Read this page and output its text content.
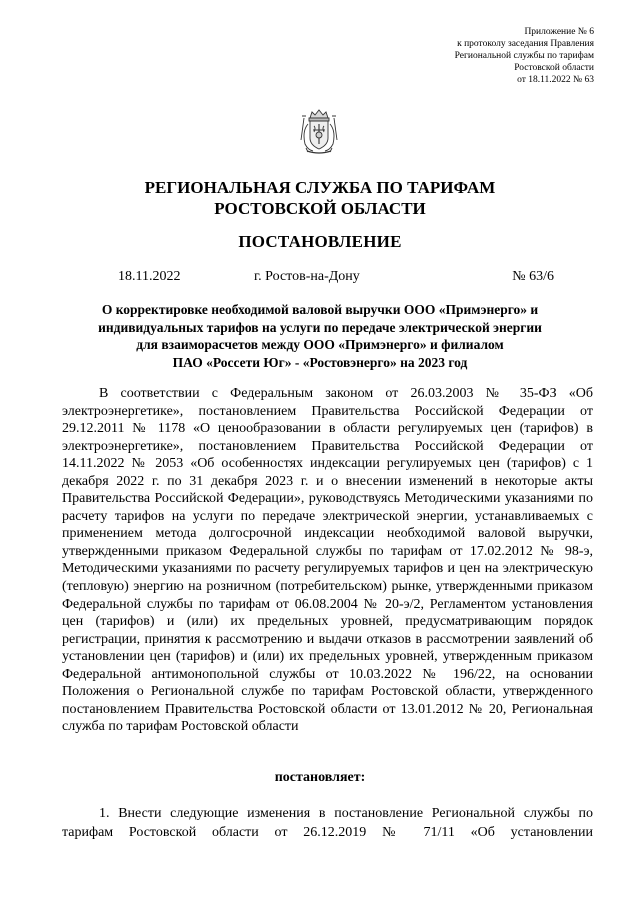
Приложение № 6
к протоколу заседания Правления
Региональной службы по тарифам
Ростовской области
от 18.11.2022 № 63
РЕГИОНАЛЬНАЯ СЛУЖБА ПО ТАРИФАМ
РОСТОВСКОЙ ОБЛАСТИ
ПОСТАНОВЛЕНИЕ
18.11.2022	г. Ростов-на-Дону	№ 63/6
О корректировке необходимой валовой выручки ООО «Примэнерго» и
индивидуальных тарифов на услуги по передаче электрической энергии
для взаиморасчетов между ООО «Примэнерго» и филиалом
ПАО «Россети Юг» - «Ростовэнерго» на 2023 год

В соответствии с Федеральным законом от 26.03.2003 № 35-ФЗ «Об электроэнергетике», постановлением Правительства Российской Федерации от 29.12.2011 № 1178 «О ценообразовании в области регулируемых цен (тарифов) в электроэнергетике», постановлением Правительства Российской Федерации от 14.11.2022 № 2053 «Об особенностях индексации регулируемых цен (тарифов) с 1 декабря 2022 г. по 31 декабря 2023 г. и о внесении изменений в некоторые акты Правительства Российской Федерации», руководствуясь Методическими указаниями по расчету тарифов на услуги по передаче электрической энергии, устанавливаемых с применением метода долгосрочной индексации необходимой валовой выручки, утвержденными приказом Федеральной службы по тарифам от 17.02.2012 № 98-э, Методическими указаниями по расчету регулируемых тарифов и цен на электрическую (тепловую) энергию на розничном (потребительском) рынке, утвержденными приказом Федеральной службы по тарифам от 06.08.2004 № 20-э/2, Регламентом установления цен (тарифов) и (или) их предельных уровней, предусматривающим порядок регистрации, принятия к рассмотрению и выдачи отказов в рассмотрении заявлений об установлении цен (тарифов) и (или) их предельных уровней, утвержденным приказом Федеральной антимонопольной службы от 10.03.2022 № 196/22, на основании Положения о Региональной службе по тарифам Ростовской области, утвержденного постановлением Правительства Ростовской области от 13.01.2012 № 20, Региональная служба по тарифам Ростовской области

постановляет:

1. Внести следующие изменения в постановление Региональной службы по тарифам Ростовской области от 26.12.2019 № 71/11 «Об установлении
